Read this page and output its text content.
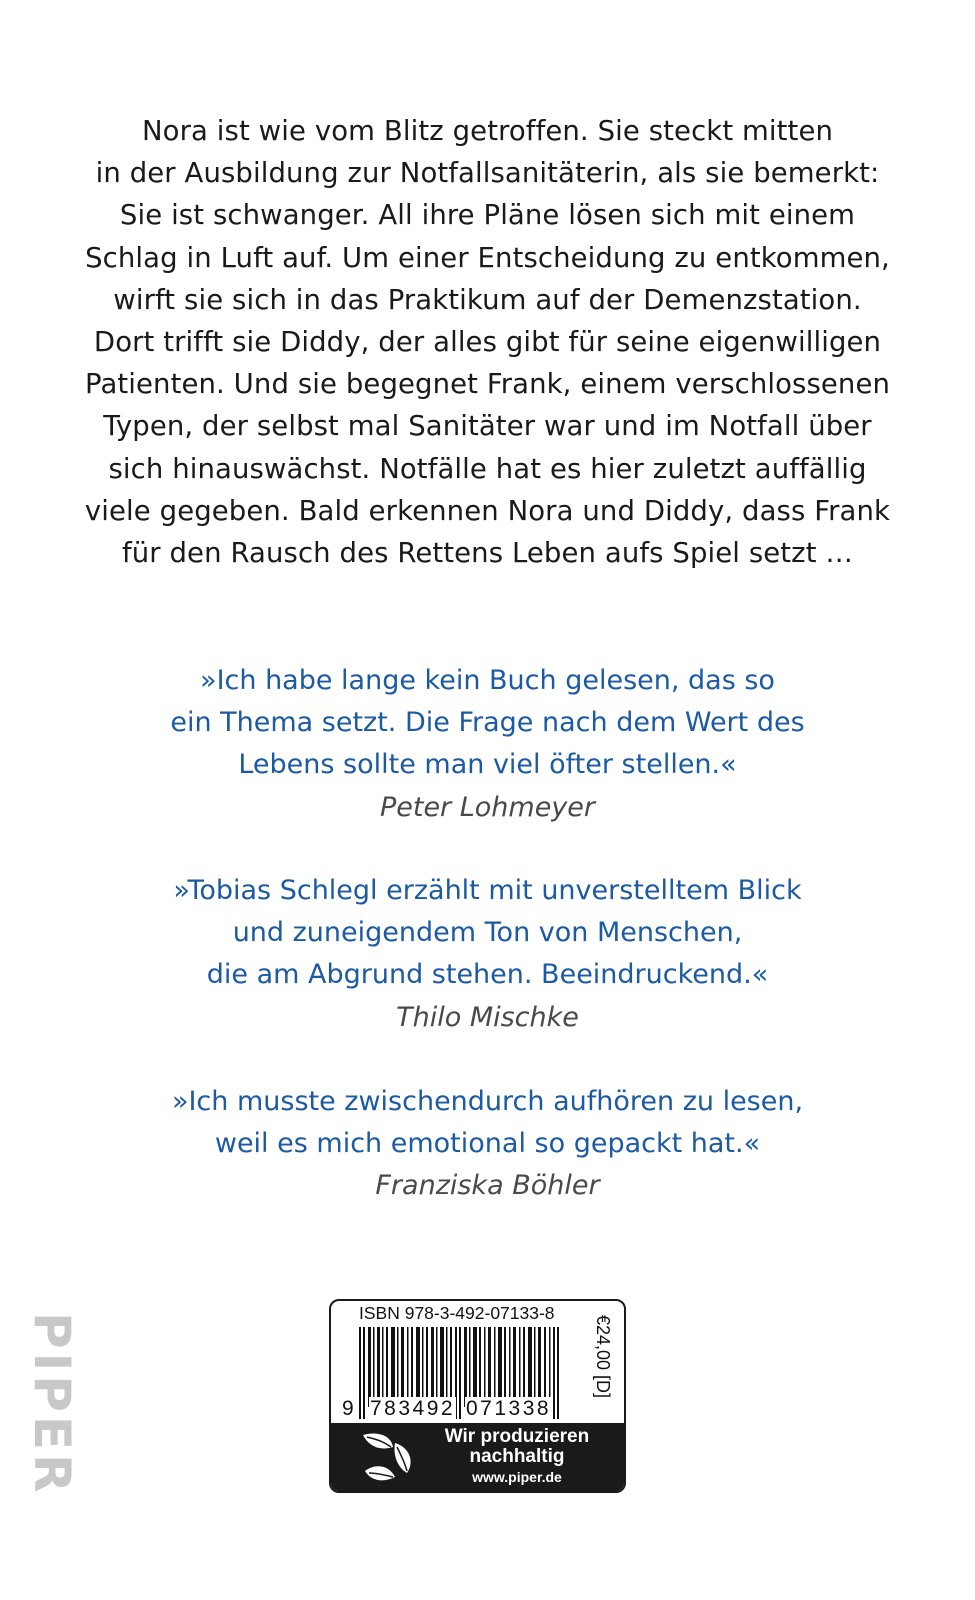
Nora ist wie vom Blitz getroffen. Sie steckt mitten
in der Ausbildung zur Notfallsanitäterin, als sie bemerkt:
Sie ist schwanger. All ihre Pläne lösen sich mit einem
Schlag in Luft auf. Um einer Entscheidung zu entkommen,
wirft sie sich in das Praktikum auf der Demenzstation.
Dort trifft sie Diddy, der alles gibt für seine eigenwilligen
Patienten. Und sie begegnet Frank, einem verschlossenen
Typen, der selbst mal Sanitäter war und im Notfall über
sich hinauswächst. Notfälle hat es hier zuletzt auffällig
viele gegeben. Bald erkennen Nora und Diddy, dass Frank
für den Rausch des Rettens Leben aufs Spiel setzt …
»Ich habe lange kein Buch gelesen, das so
ein Thema setzt. Die Frage nach dem Wert des
Lebens sollte man viel öfter stellen.«
Peter Lohmeyer
»Tobias Schlegl erzählt mit unverstelltem Blick
und zuneigendem Ton von Menschen,
die am Abgrund stehen. Beeindruckend.«
Thilo Mischke
»Ich musste zwischendurch aufhören zu lesen,
weil es mich emotional so gepackt hat.«
Franziska Böhler
PIPER	ISBN 978-3-492-07133-8
9 783492 071338
€24,00 [D]
Wir produzieren
nachhaltig
www.piper.de
